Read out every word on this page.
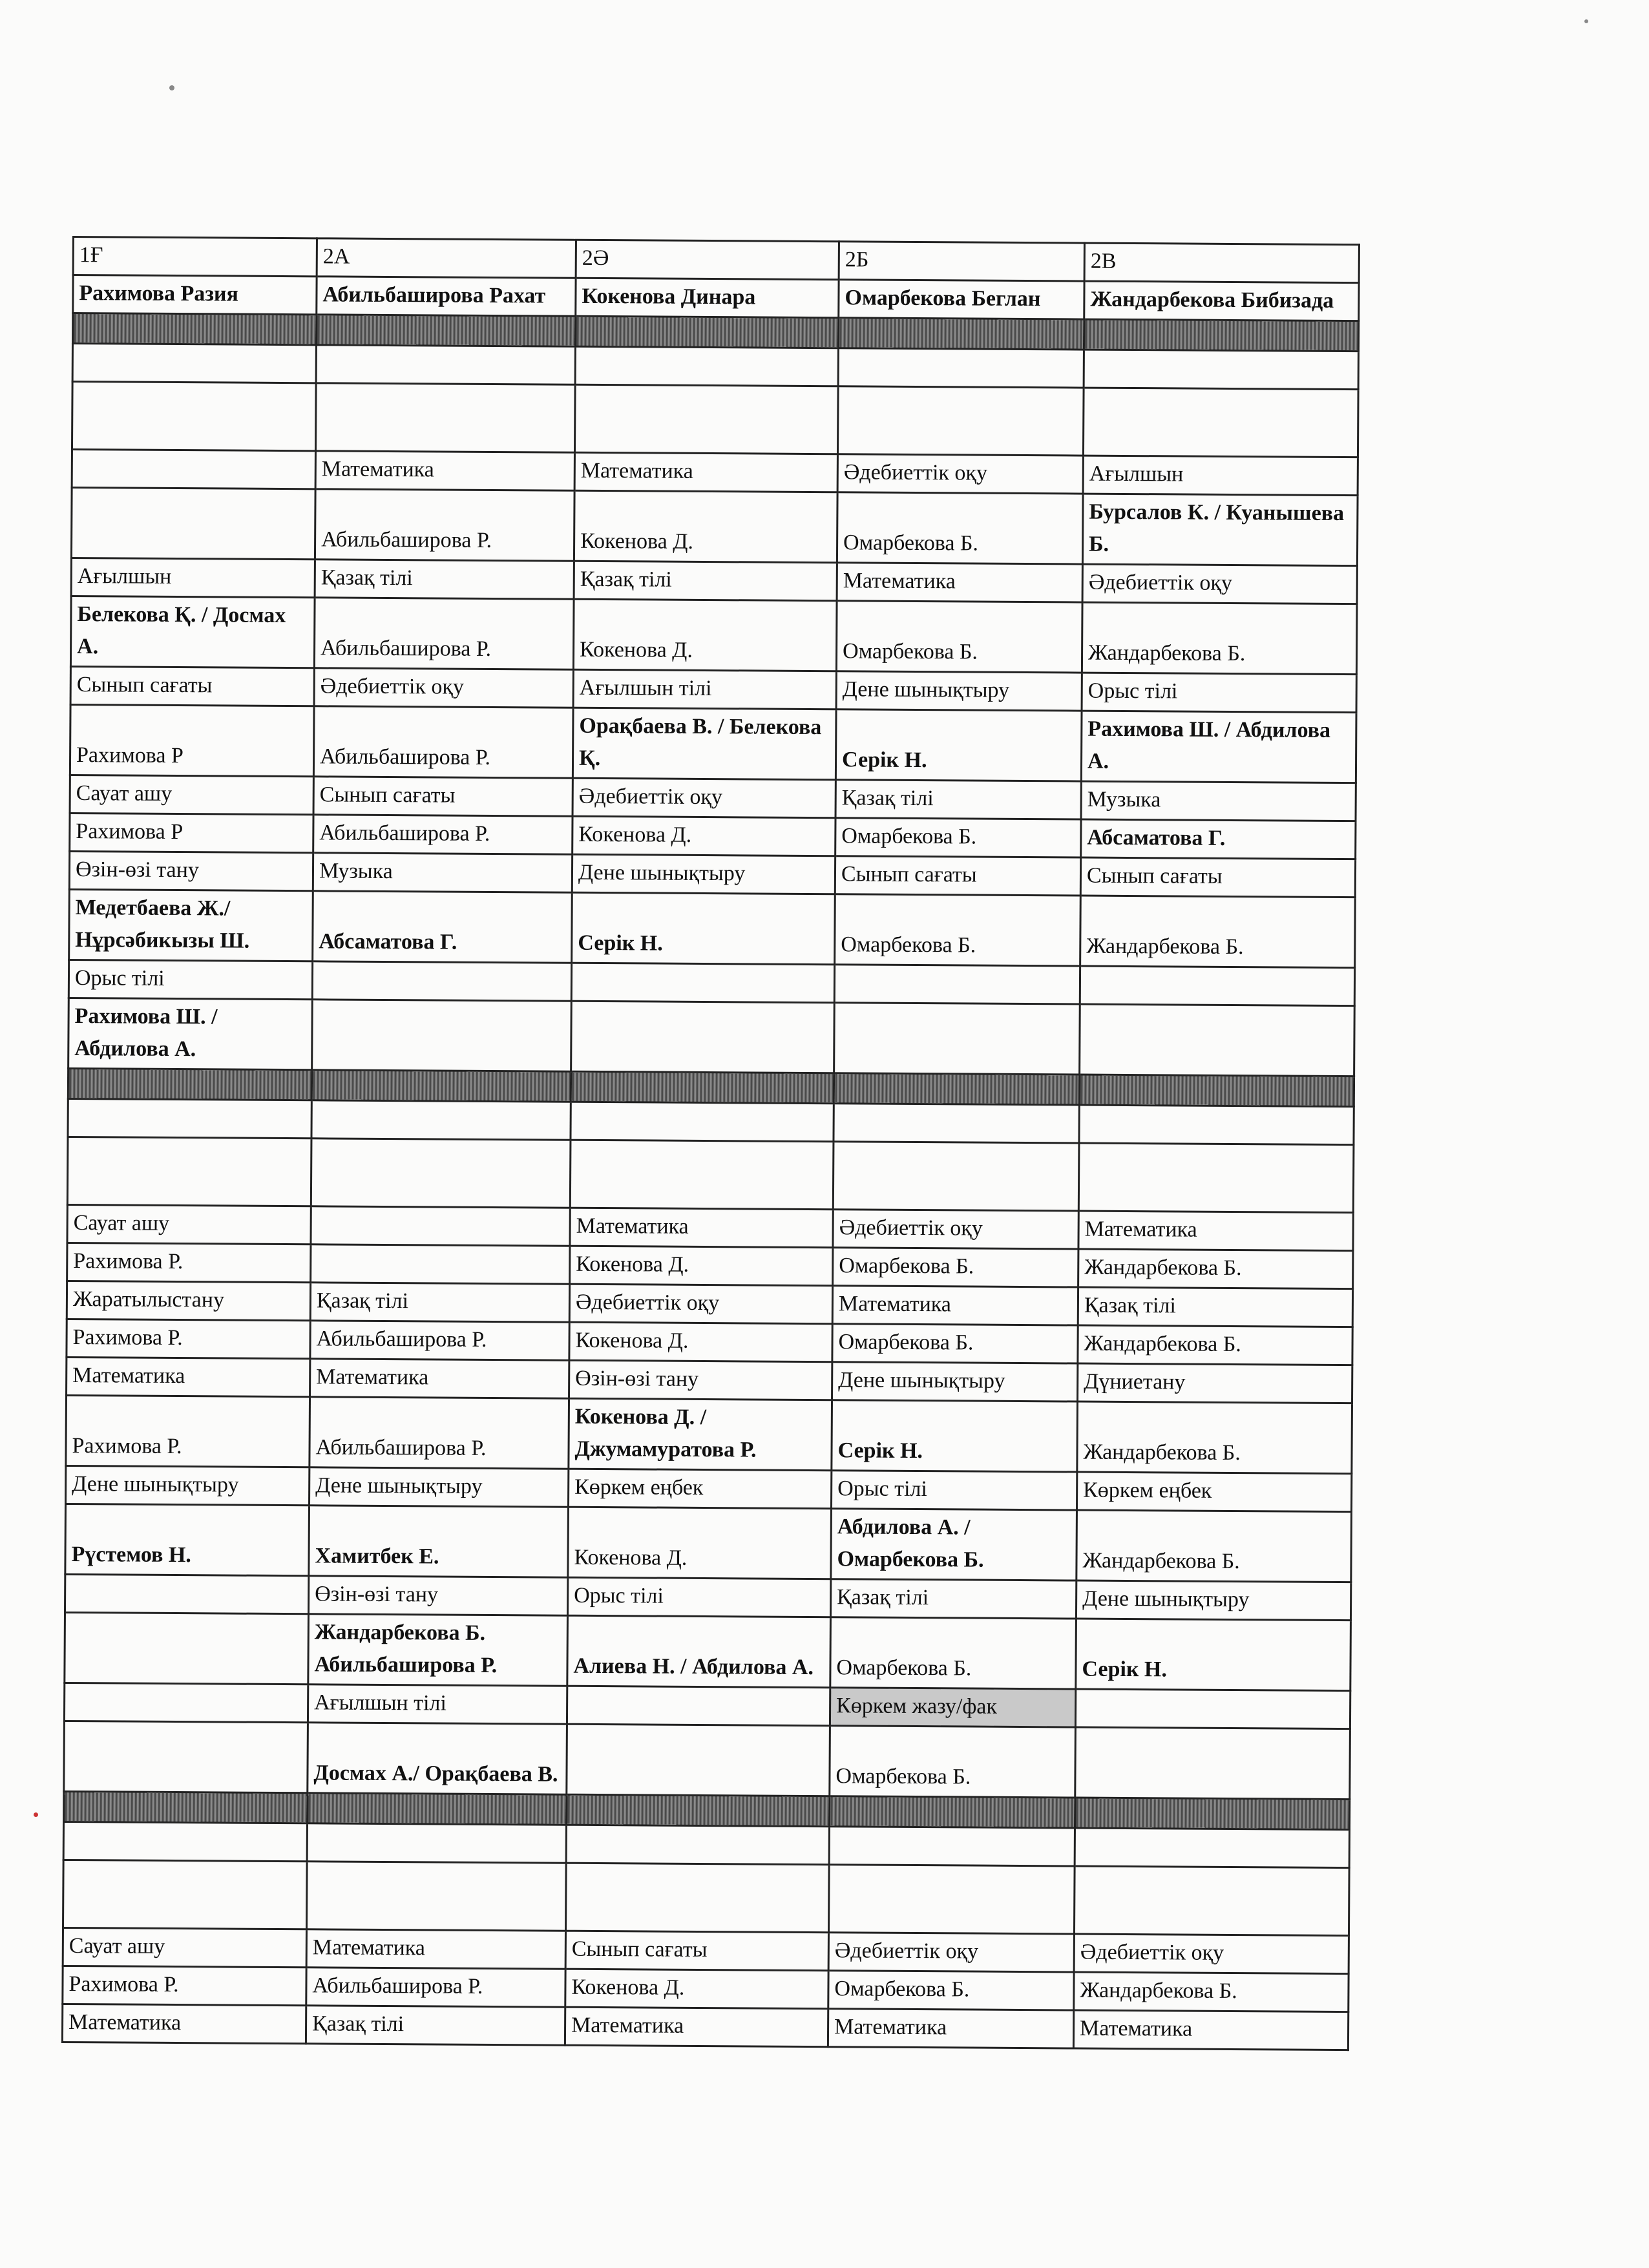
1Ғ	2А	2Ә	2Б	2В
Рахимова Разия	Абильбаширова Рахат	Кокенова Динара	Омарбекова Беглан	Жандарбекова Бибизада

	Математика	Математика	Әдебиеттік оқу	Ағылшын
	Абильбаширова Р.	Кокенова Д.	Омарбекова Б.	Бурсалов К. / Куанышева Б.
Ағылшын	Қазақ тілі	Қазақ тілі	Математика	Әдебиеттік оқу
Белекова Қ. / Досмах А.	Абильбаширова Р.	Кокенова Д.	Омарбекова Б.	Жандарбекова Б.
Сынып сағаты	Әдебиеттік оқу	Ағылшын тілі	Дене шынықтыру	Орыс тілі
Рахимова Р	Абильбаширова Р.	Орақбаева В. / Белекова Қ.	Серік Н.	Рахимова Ш. / Абдилова А.
Сауат ашу	Сынып сағаты	Әдебиеттік оқу	Қазақ тілі	Музыка
Рахимова Р	Абильбаширова Р.	Кокенова Д.	Омарбекова Б.	Абсаматова Г.
Өзін-өзі тану	Музыка	Дене шынықтыру	Сынып сағаты	Сынып сағаты
Медетбаева Ж./ Нұрсәбикызы Ш.	Абсаматова Г.	Серік Н.	Омарбекова Б.	Жандарбекова Б.
Орыс тілі				
Рахимова Ш. / Абдилова А.				

Сауат ашу		Математика	Әдебиеттік оқу	Математика
Рахимова Р.		Кокенова Д.	Омарбекова Б.	Жандарбекова Б.
Жаратылыстану	Қазақ тілі	Әдебиеттік оқу	Математика	Қазақ тілі
Рахимова Р.	Абильбаширова Р.	Кокенова Д.	Омарбекова Б.	Жандарбекова Б.
Математика	Математика	Өзін-өзі тану	Дене шынықтыру	Дүниетану
Рахимова Р.	Абильбаширова Р.	Кокенова Д. / Джумамуратова Р.	Серік Н.	Жандарбекова Б.
Дене шынықтыру	Дене шынықтыру	Көркем еңбек	Орыс тілі	Көркем еңбек
Рүстемов Н.	Хамитбек Е.	Кокенова Д.	Абдилова А. / Омарбекова Б.	Жандарбекова Б.
	Өзін-өзі тану	Орыс тілі	Қазақ тілі	Дене шынықтыру
	Жандарбекова Б. Абильбаширова Р.	Алиева Н. / Абдилова А.	Омарбекова Б.	Серік Н.
	Ағылшын тілі		Көркем жазу/фак	
	Досмах А./ Орақбаева В.		Омарбекова Б.	

Сауат ашу	Математика	Сынып сағаты	Әдебиеттік оқу	Әдебиеттік оқу
Рахимова Р.	Абильбаширова Р.	Кокенова Д.	Омарбекова Б.	Жандарбекова Б.
Математика	Қазақ тілі	Математика	Математика	Математика
